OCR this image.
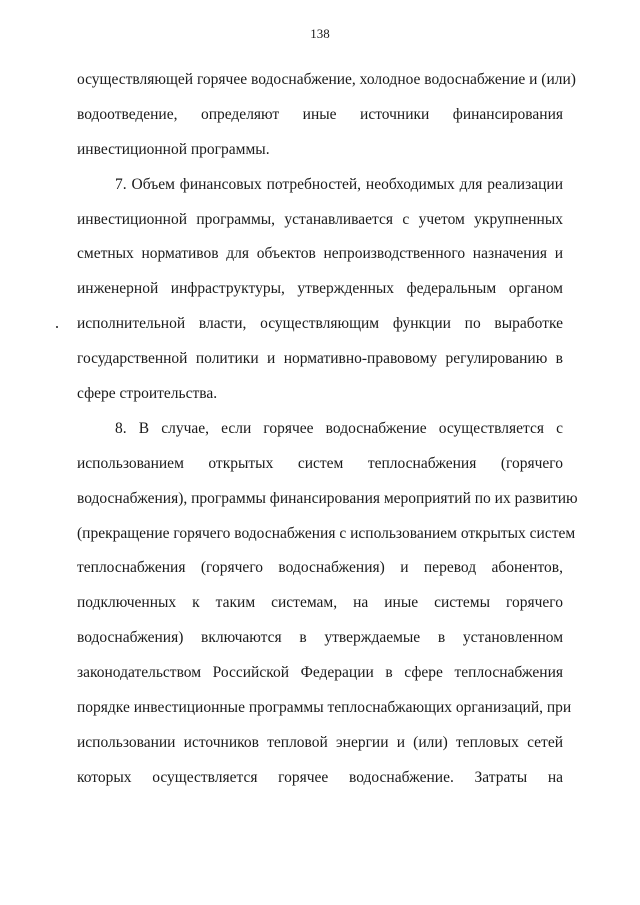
138
осуществляющей горячее водоснабжение, холодное водоснабжение и (или)
водоотведение, определяют иные источники финансирования
инвестиционной программы.
7. Объем финансовых потребностей, необходимых для реализации
инвестиционной программы, устанавливается с учетом укрупненных
сметных нормативов для объектов непроизводственного назначения и
инженерной инфраструктуры, утвержденных федеральным органом
исполнительной власти, осуществляющим функции по выработке
государственной политики и нормативно-правовому регулированию в
сфере строительства.
8. В случае, если горячее водоснабжение осуществляется с
использованием открытых систем теплоснабжения (горячего
водоснабжения), программы финансирования мероприятий по их развитию
(прекращение горячего водоснабжения с использованием открытых систем
теплоснабжения (горячего водоснабжения) и перевод абонентов,
подключенных к таким системам, на иные системы горячего
водоснабжения) включаются в утверждаемые в установленном
законодательством Российской Федерации в сфере теплоснабжения
порядке инвестиционные программы теплоснабжающих организаций, при
использовании источников тепловой энергии и (или) тепловых сетей
которых осуществляется горячее водоснабжение. Затраты на
